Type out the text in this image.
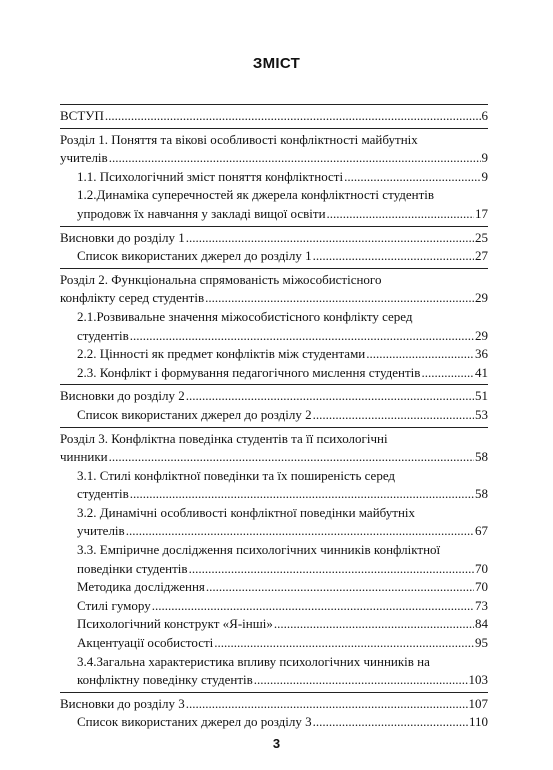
ЗМІСТ
ВСТУП .....	6
Розділ 1. Поняття та вікові особливості конфліктності майбутніх
учителів .....	9
1.1. Психологічний зміст поняття конфліктності .....	9
1.2.Динаміка суперечностей як джерела конфліктності студентів
упродовж їх навчання у закладі вищої освіти .....	17
Висновки до розділу 1 .....	25
Список використаних джерел до розділу 1 .....	27
Розділ 2. Функціональна спрямованість міжособистісного
конфлікту серед студентів .....	29
2.1.Розвивальне значення міжособистісного конфлікту серед
студентів .....	29
2.2. Цінності як предмет конфліктів між студентами .....	36
2.3. Конфлікт і формування педагогічного мислення студентів .....	41
Висновки до розділу 2 .....	51
Список використаних джерел до розділу 2 .....	53
Розділ 3. Конфліктна поведінка студентів та її психологічні
чинники .....	58
3.1. Стилі конфліктної поведінки та їх поширеність серед
студентів .....	58
3.2. Динамічні особливості конфліктної поведінки майбутніх
учителів .....	67
3.3. Емпіричне дослідження психологічних чинників конфліктної
поведінки студентів .....	70
Методика дослідження .....	70
Стилі гумору .....	73
Психологічний конструкт «Я-інші» .....	84
Акцентуації особистості .....	95
3.4.Загальна характеристика впливу психологічних чинників на
конфліктну поведінку студентів .....	103
Висновки до розділу 3 .....	107
Список використаних джерел до розділу 3 .....	110
3
